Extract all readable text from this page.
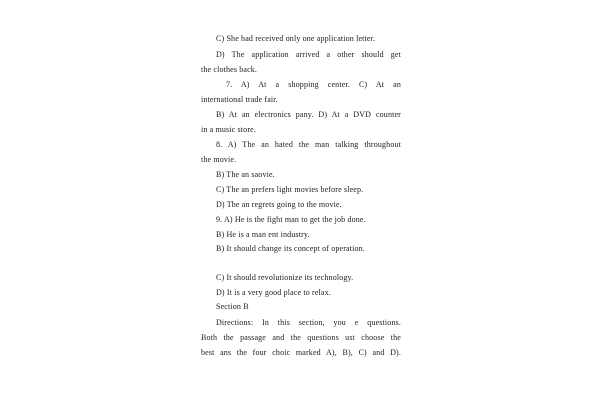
C) She had received only one application letter.
D) The application arrived a other should get
the clothes back.
7. A) At a shopping center. C) At an
international trade fair.
B) At an electronics pany. D) At a DVD counter
in a music store.
8. A) The an hated the man talking throughout
the movie.
B) The an saovie.
C) The an prefers light movies before sleep.
D) The an regrets going to the movie.
9. A) He is the fight man to get the job done.
B) He is a man ent industry.
B) It should change its concept of operation.
C) It should revolutionize its technology.
D) It is a very good place to relax.
Section B
Directions: In this section, you e questions.
Both the passage and the questions ust choose the
best ans the four choic marked A), B), C) and D).
